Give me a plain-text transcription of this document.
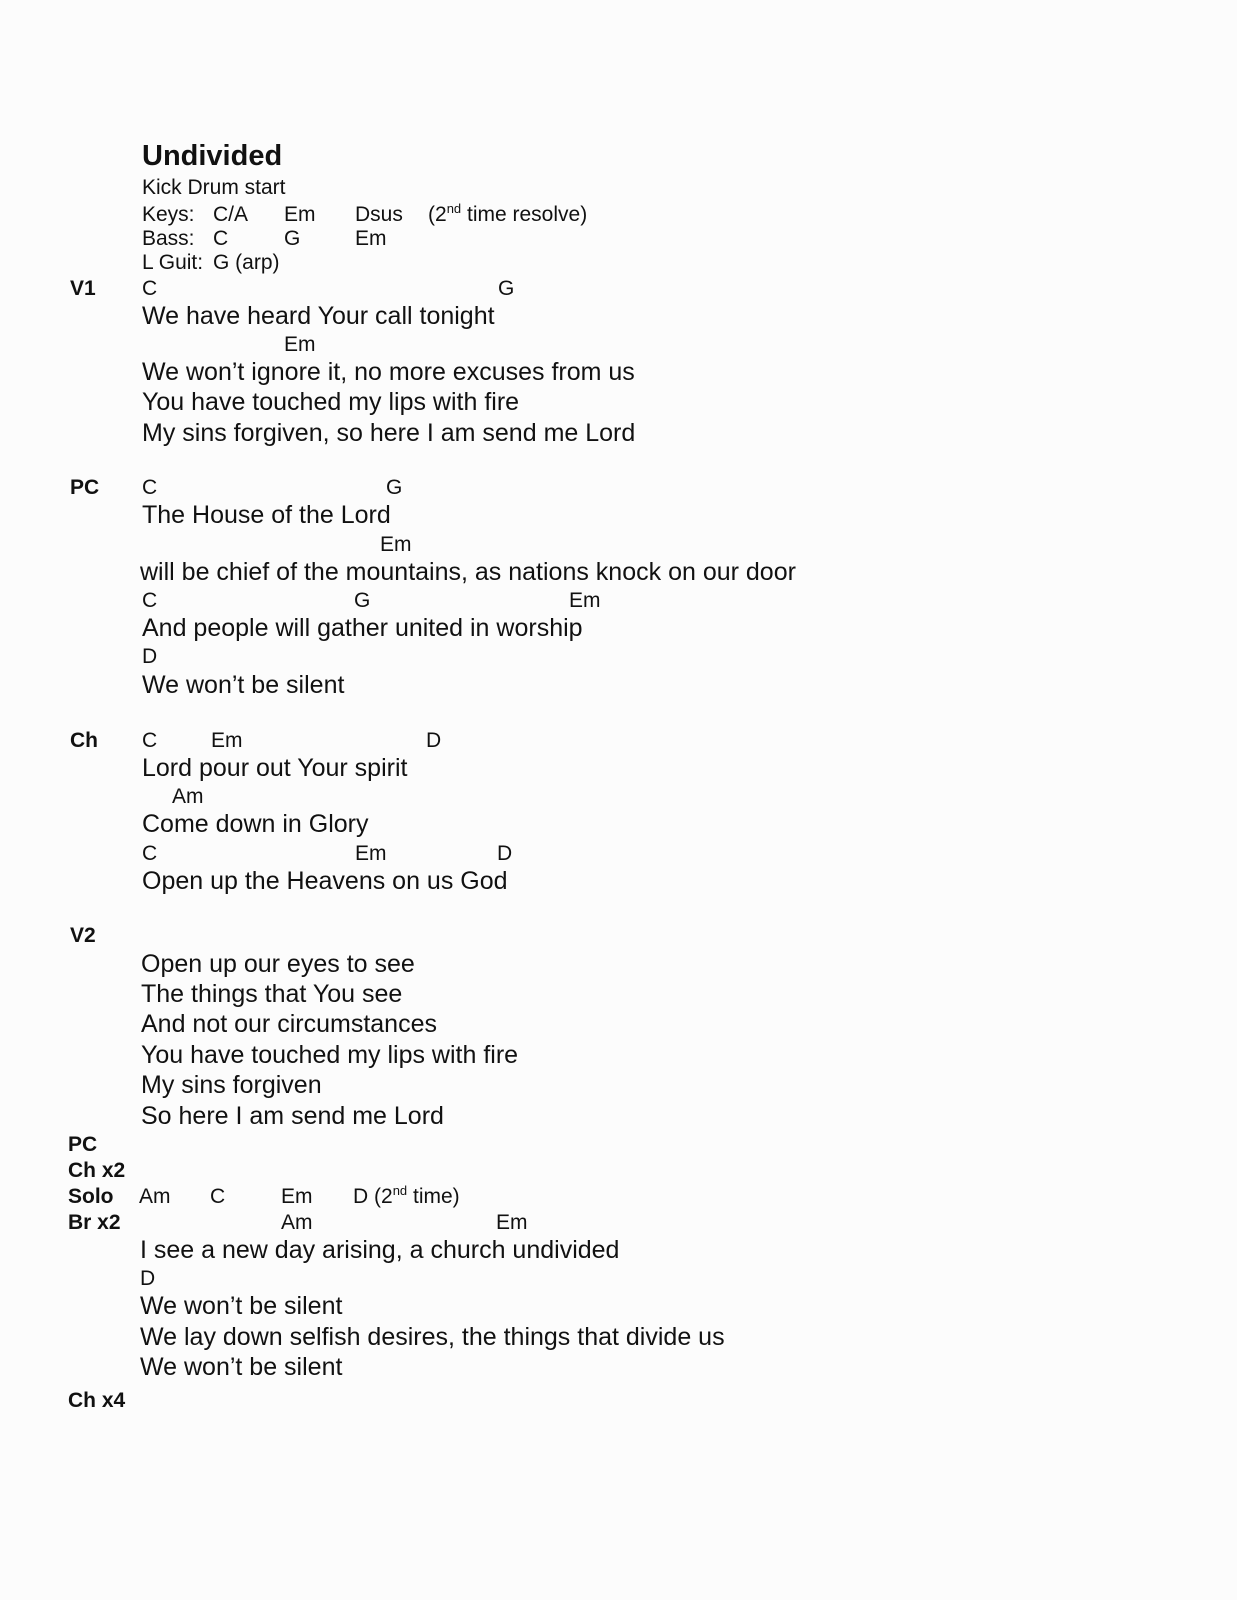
Undivided
Kick Drum start
Keys: C/A Em Dsus (2nd time resolve)
Bass: C	G	Em
L Guit: G (arp)
V1 C	G
We have heard Your call tonight
Em
We won’t ignore it, no more excuses from us
You have touched my lips with fire
My sins forgiven, so here I am send me Lord
PC C	G
The House of the Lord
Em
will be chief of the mountains, as nations knock on our door
C	G	Em
And people will gather united in worship
D
We won’t be silent
Ch C	Em	D
Lord pour out Your spirit
Am
Come down in Glory
C	Em	D
Open up the Heavens on us God
V2
Open up our eyes to see
The things that You see
And not our circumstances
You have touched my lips with fire
My sins forgiven
So here I am send me Lord
PC
Ch x2
Solo Am C	Em D (2nd time)
Br x2	Am	Em
I see a new day arising, a church undivided
D
We won’t be silent
We lay down selfish desires, the things that divide us
We won’t be silent
Ch x4
